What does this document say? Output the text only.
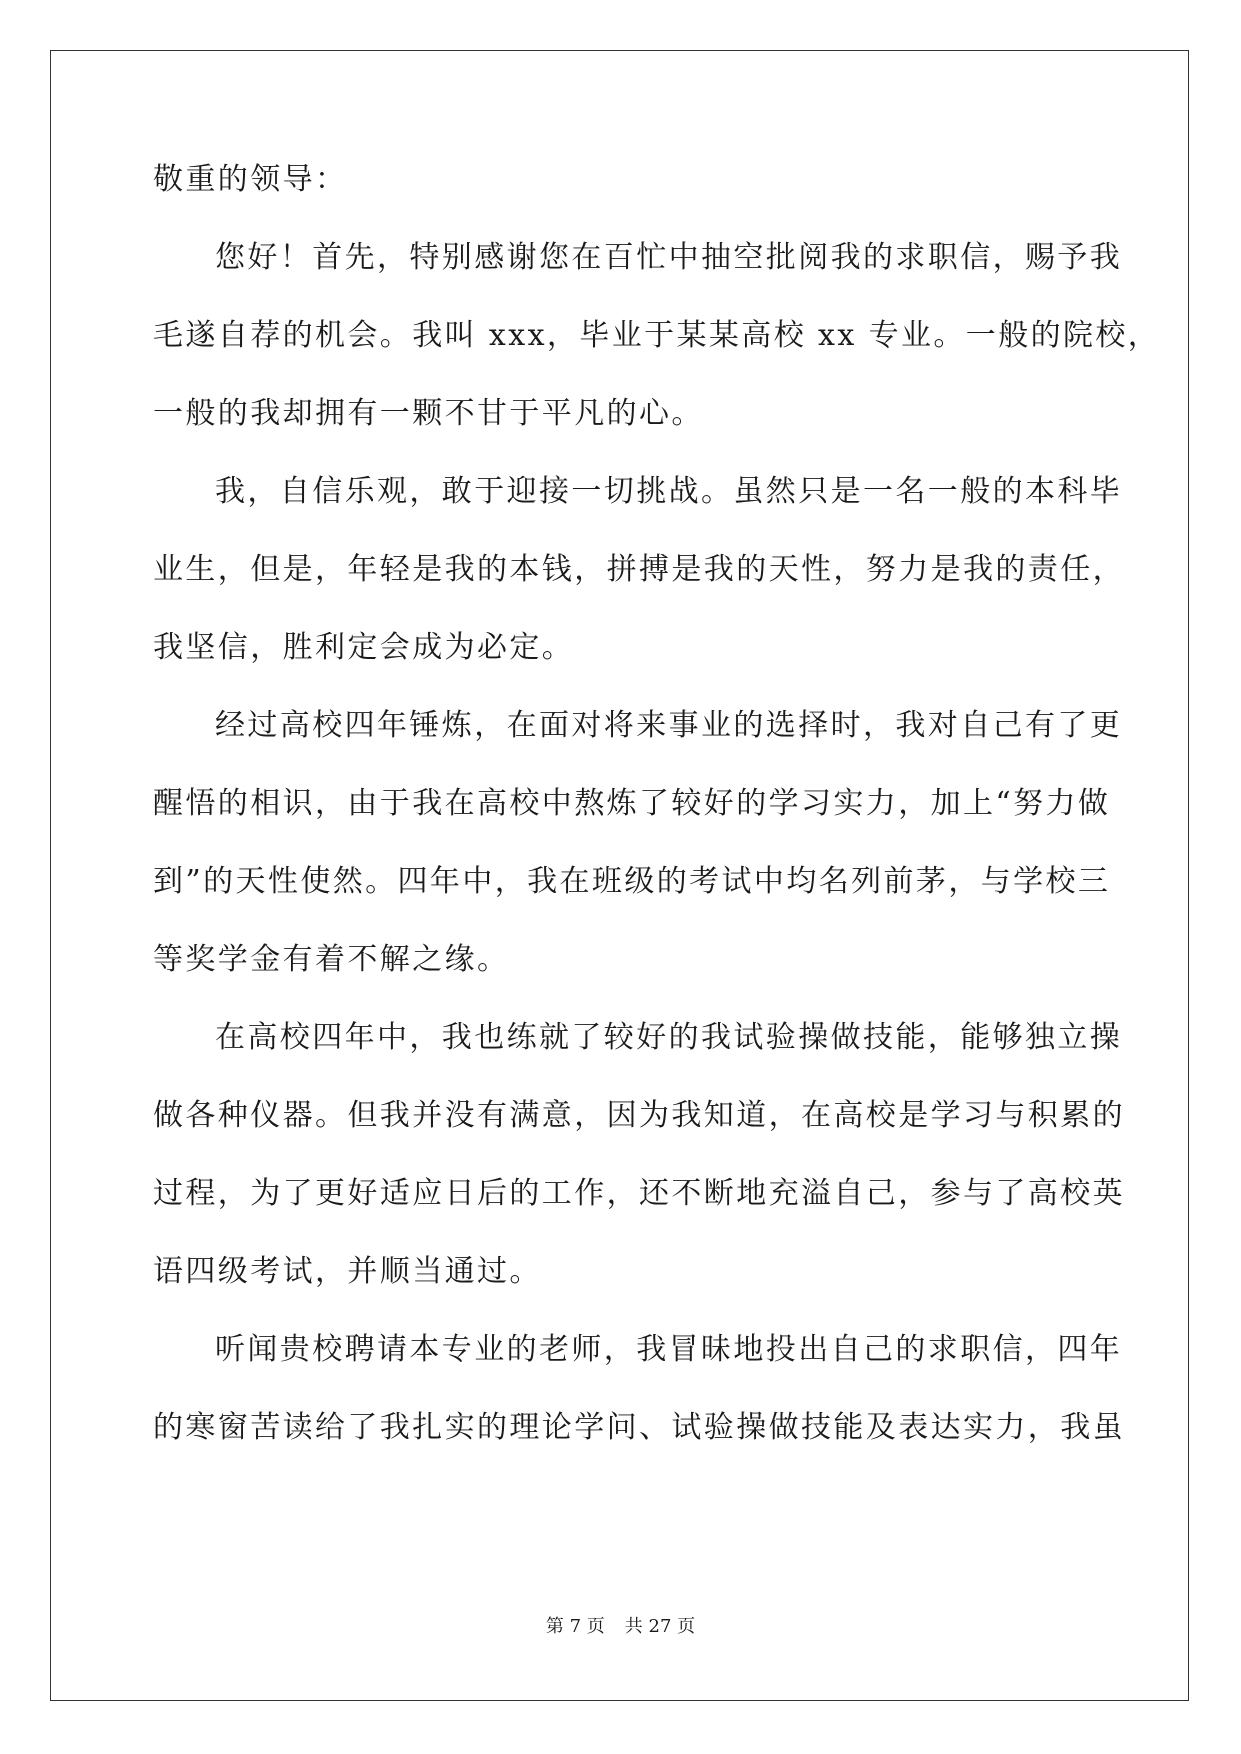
敬重的领导：
您好！首先，特别感谢您在百忙中抽空批阅我的求职信，赐予我
毛遂自荐的机会。我叫 xxx，毕业于某某高校 xx 专业。一般的院校，
一般的我却拥有一颗不甘于平凡的心。
我，自信乐观，敢于迎接一切挑战。虽然只是一名一般的本科毕
业生，但是，年轻是我的本钱，拼搏是我的天性，努力是我的责任，
我坚信，胜利定会成为必定。
经过高校四年锤炼，在面对将来事业的选择时，我对自己有了更
醒悟的相识，由于我在高校中熬炼了较好的学习实力，加上“努力做
到”的天性使然。四年中，我在班级的考试中均名列前茅，与学校三
等奖学金有着不解之缘。
在高校四年中，我也练就了较好的我试验操做技能，能够独立操
做各种仪器。但我并没有满意，因为我知道，在高校是学习与积累的
过程，为了更好适应日后的工作，还不断地充溢自己，参与了高校英
语四级考试，并顺当通过。
听闻贵校聘请本专业的老师，我冒昧地投出自己的求职信，四年
的寒窗苦读给了我扎实的理论学问、试验操做技能及表达实力，我虽
第 7 页 共 27 页
